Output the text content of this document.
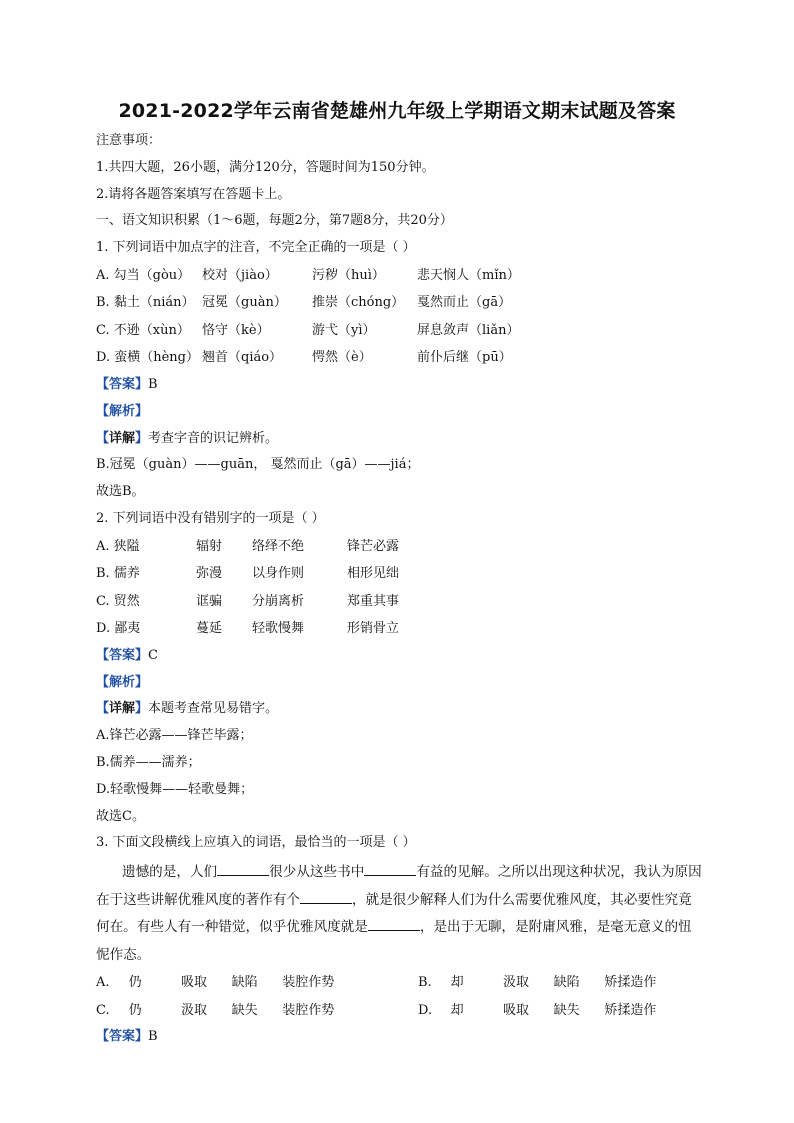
2021-2022学年云南省楚雄州九年级上学期语文期末试题及答案
注意事项：
1.共四大题，26小题，满分120分，答题时间为150分钟。
2.请将各题答案填写在答题卡上。
一、语文知识积累（1～6题，每题2分，第7题8分，共20分）
1. 下列词语中加点字的注音，不完全正确的一项是（ ）
A. 勾当（gòu） 校对（jiào）	污秽（huì）	悲天悯人（mǐn）
B. 黏土（nián） 冠冕（guàn）	推崇（chóng） 戛然而止（gā）
C. 不逊（xùn） 恪守（kè）	游弋（yì）	屏息敛声（liǎn）
D. 蛮横（hèng） 翘首（qiáo）	愕然（è）	前仆后继（pū）
【答案】B
【解析】
【详解】考查字音的识记辨析。
B.冠冕（guàn）——guān， 戛然而止（gā）——jiá；
故选B。
2. 下列词语中没有错别字的一项是（ ）
A. 狭隘	辐射	络绎不绝	锋芒必露
B. 儒养	弥漫	以身作则	相形见绌
C. 贸然	诓骗	分崩离析	郑重其事
D. 鄙夷	蔓延	轻歌慢舞	形销骨立
【答案】C
【解析】
【详解】本题考查常见易错字。
A.锋芒必露——锋芒毕露；
B.儒养——濡养；
D.轻歌慢舞——轻歌曼舞；
故选C。
3. 下面文段横线上应填入的词语，最恰当的一项是（ ）
遗憾的是，人们	很少从这些书中	有益的见解。之所以出现这种状况，我认为原因在于这些讲解优雅风度的著作有个	，就是很少解释人们为什么需要优雅风度，其必要性究竟何在。有些人有一种错觉，似乎优雅风度就是	，是出于无聊，是附庸风雅，是毫无意义的忸怩作态。
A.	仍	吸取	缺陷	装腔作势	B.	却	汲取	缺陷	矫揉造作
C.	仍	汲取	缺失	装腔作势	D.	却	吸取	缺失	矫揉造作
【答案】B
